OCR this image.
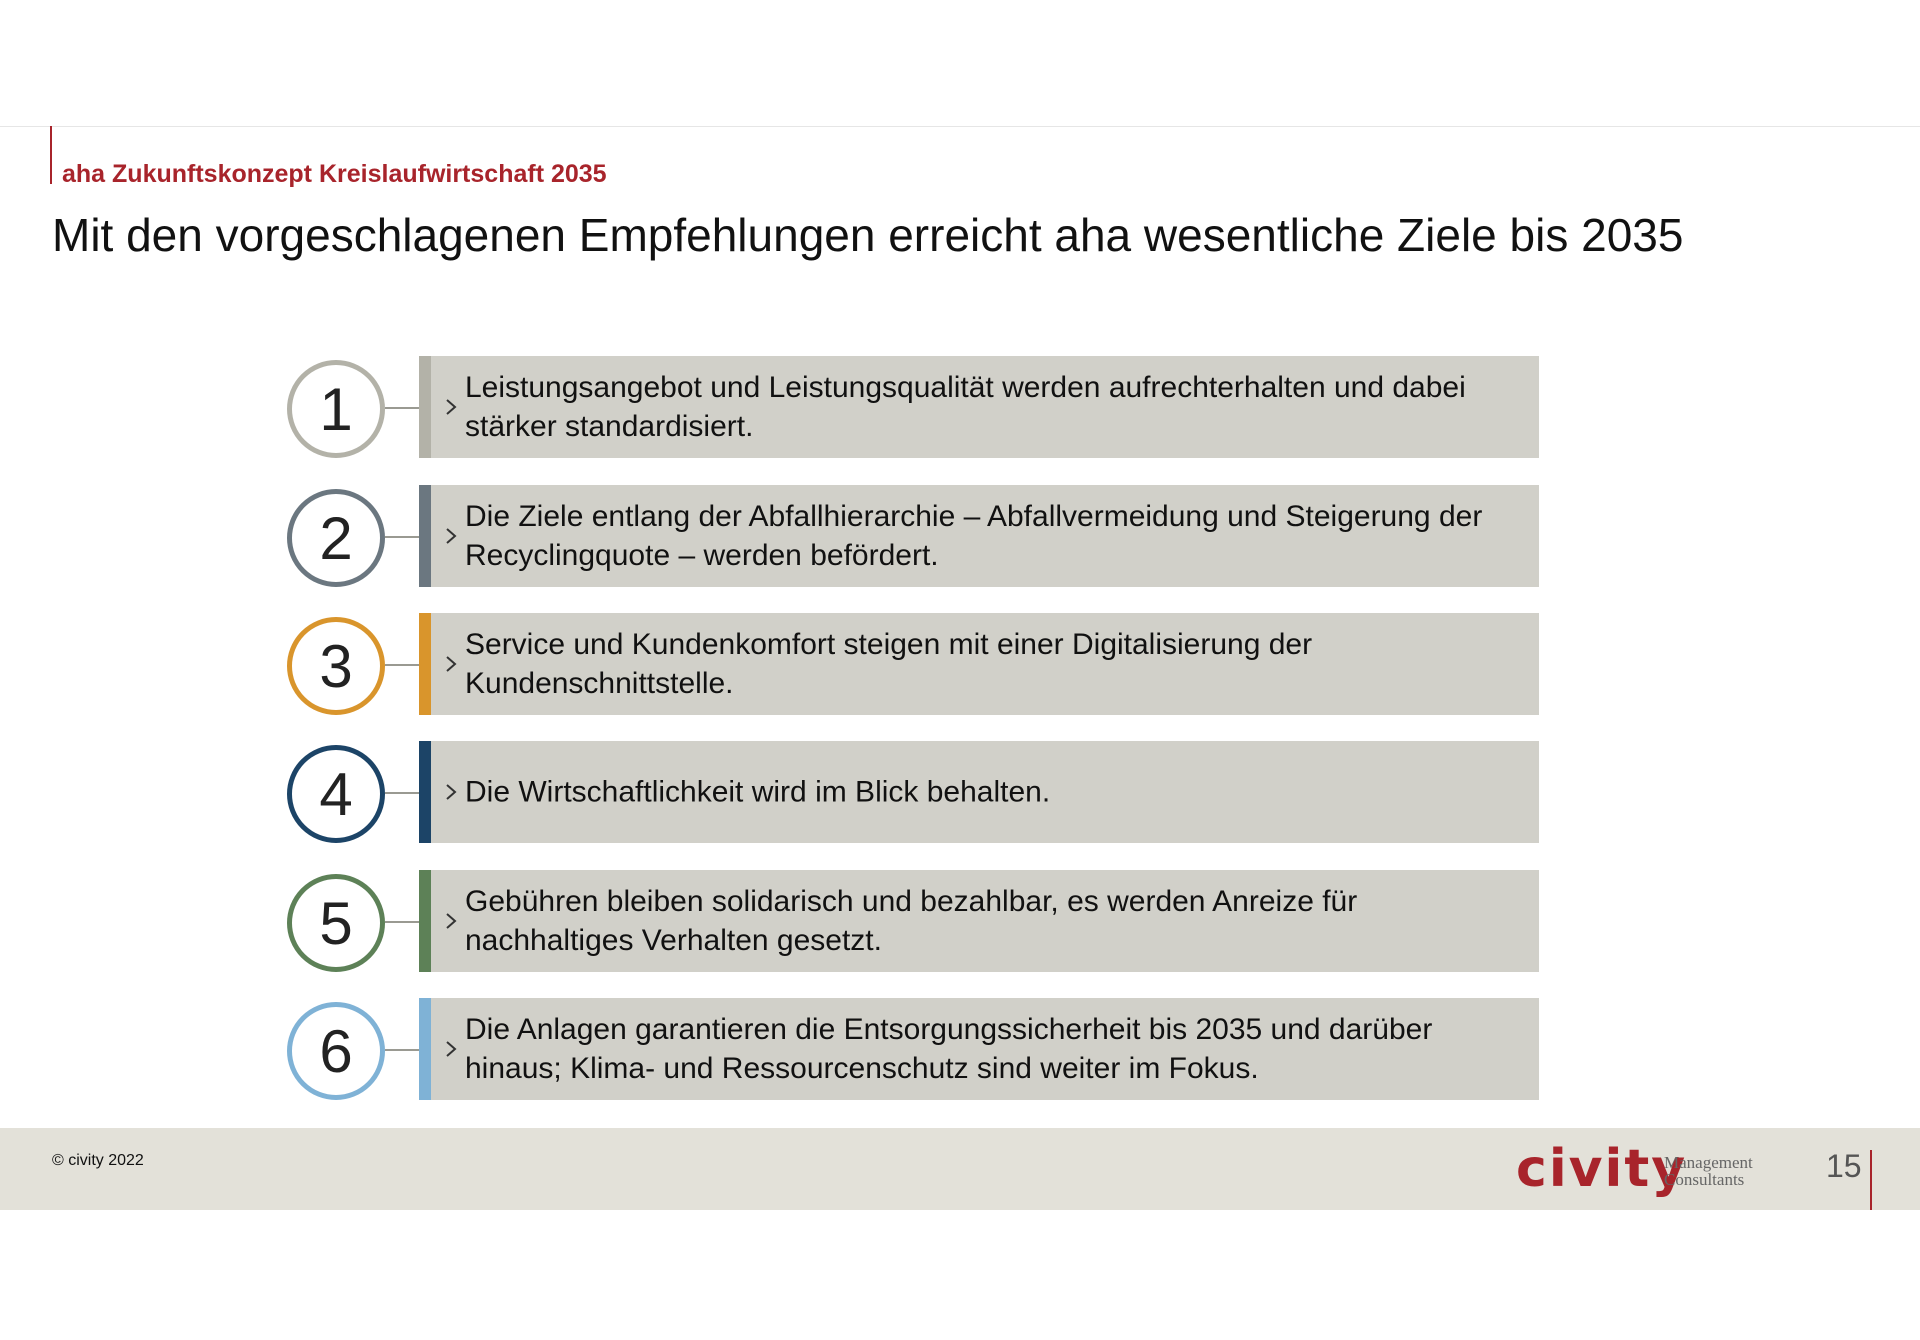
aha Zukunftskonzept Kreislaufwirtschaft 2035
Mit den vorgeschlagenen Empfehlungen erreicht aha wesentliche Ziele bis 2035
1	Leistungsangebot und Leistungsqualität werden aufrechterhalten und dabei stärker standardisiert.
2	Die Ziele entlang der Abfallhierarchie – Abfallvermeidung und Steigerung der Recyclingquote – werden befördert.
3	Service und Kundenkomfort steigen mit einer Digitalisierung der Kundenschnittstelle.
4	Die Wirtschaftlichkeit wird im Blick behalten.
5	Gebühren bleiben solidarisch und bezahlbar, es werden Anreize für nachhaltiges Verhalten gesetzt.
6	Die Anlagen garantieren die Entsorgungssicherheit bis 2035 und darüber hinaus; Klima- und Ressourcenschutz sind weiter im Fokus.
© civity 2022	civity
Management
Consultants	15
